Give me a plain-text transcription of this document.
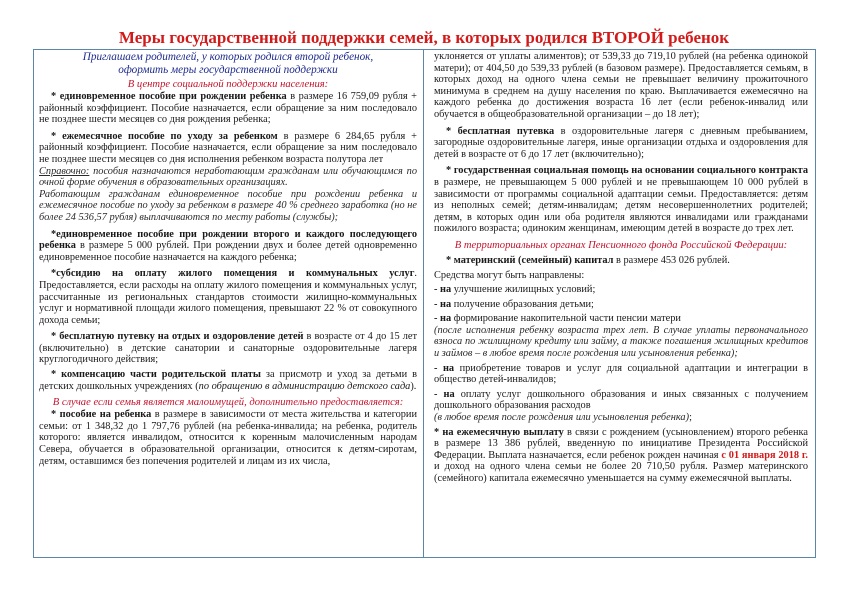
Меры государственной поддержки семей, в которых родился ВТОРОЙ ребенок

Приглашаем родителей, у которых родился второй ребенок,

оформить меры государственной поддержки

В центре социальной поддержки населения:

* единовременное пособие при рождении ребенка в размере 16 759,09 рубля + районный коэффициент. Пособие назначается, если обращение за ним последовало не позднее шести месяцев со дня рождения ребенка;

* ежемесячное пособие по уходу за ребенком в размере 6 284,65 рубля + районный коэффициент. Пособие назначается, если обращение за ним последовало не позднее шести месяцев со дня исполнения ребенком возраста полутора лет

Справочно: пособия назначаются неработающим гражданам или обучающимся по очной форме обучения в образовательных организациях.

Работающим гражданам единовременное пособие при рождении ребенка и ежемесячное пособие по уходу за ребенком в размере 40 % среднего заработка (но не более 24 536,57 рубля) выплачиваются по месту работы (службы);

*единовременное пособие при рождении второго и каждого последующего ребенка в размере 5 000 рублей. При рождении двух и более детей одновременно единовременное пособие назначается на каждого ребенка;

*субсидию на оплату жилого помещения и коммунальных услуг. Предоставляется, если расходы на оплату жилого помещения и коммунальных услуг, рассчитанные из региональных стандартов стоимости жилищно-коммунальных услуг и нормативной площади жилого помещения, превышают 22 % от совокупного дохода семьи;

* бесплатную путевку на отдых и оздоровление детей в возрасте от 4 до 15 лет (включительно) в детские санатории и санаторные оздоровительные лагеря круглогодичного действия;

* компенсацию части родительской платы за присмотр и уход за детьми в детских дошкольных учреждениях (по обращению в администрацию детского сада).

В случае если семья является малоимущей, дополнительно предоставляется:

* пособие на ребенка в размере в зависимости от места жительства и категории семьи: от 1 348,32 до 1 797,76 рублей (на ребенка-инвалида; на ребенка, родитель которого: является инвалидом, относится к коренным малочисленным народам Севера, обучается в образовательной организации, относится к детям-сиротам, детям, оставшимся без попечения родителей и лицам из их числа,

уклоняется от уплаты алиментов); от 539,33 до 719,10 рублей (на ребенка одинокой матери); от 404,50 до 539,33 рублей (в базовом размере). Предоставляется семьям, в которых доход на одного члена семьи не превышает величину прожиточного минимума в среднем на душу населения по краю. Выплачивается ежемесячно на каждого ребенка до достижения возраста 16 лет (если ребенок-инвалид или обучается в общеобразовательной организации – до 18 лет);

* бесплатная путевка в оздоровительные лагеря с дневным пребыванием, загородные оздоровительные лагеря, иные организации отдыха и оздоровления для детей в возрасте от 6 до 17 лет (включительно);

* государственная социальная помощь на основании социального контракта в размере, не превышающем 5 000 рублей и не превышающем 10 000 рублей в зависимости от программы социальной адаптации семьи. Предоставляется: детям из неполных семей; детям-инвалидам; детям несовершеннолетних родителей; детям, в которых один или оба родителя являются инвалидами или гражданами пожилого возраста; одиноким женщинам, имеющим детей в возрасте до трех лет.

В территориальных органах Пенсионного фонда Российской Федерации:

* материнский (семейный) капитал в размере 453 026 рублей.

Средства могут быть направлены:

- на улучшение жилищных условий;

- на получение образования детьми;

- на формирование накопительной части пенсии матери

(после исполнения ребенку возраста трех лет. В случае уплаты первоначального взноса по жилищному кредиту или займу, а также погашения жилищных кредитов и займов – в любое время после рождения или усыновления ребенка);

- на приобретение товаров и услуг для социальной адаптации и интеграции в общество детей-инвалидов;

- на оплату услуг дошкольного образования и иных связанных с получением дошкольного образования расходов

(в любое время после рождения или усыновления ребенка);

* на ежемесячную выплату в связи с рождением (усыновлением) второго ребенка в размере 13 386 рублей, введенную по инициативе Президента Российской Федерации. Выплата назначается, если ребенок рожден начиная с 01 января 2018 г. и доход на одного члена семьи не более 20 710,50 рубля. Размер материнского (семейного) капитала ежемесячно уменьшается на сумму ежемесячной выплаты.
